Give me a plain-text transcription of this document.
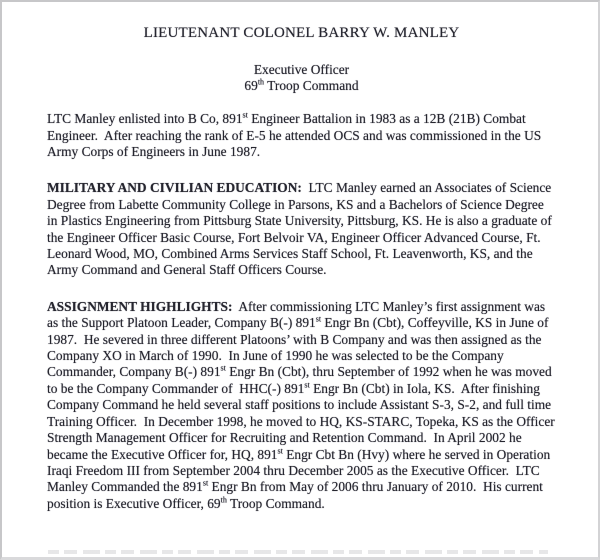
LIEUTENANT COLONEL BARRY W. MANLEY
Executive Officer
69th Troop Command

LTC Manley enlisted into B Co, 891st Engineer Battalion in 1983 as a 12B (21B) Combat Engineer.  After reaching the rank of E-5 he attended OCS and was commissioned in the US Army Corps of Engineers in June 1987.

MILITARY AND CIVILIAN EDUCATION:  LTC Manley earned an Associates of Science Degree from Labette Community College in Parsons, KS and a Bachelors of Science Degree in Plastics Engineering from Pittsburg State University, Pittsburg, KS. He is also a graduate of the Engineer Officer Basic Course, Fort Belvoir VA, Engineer Officer Advanced Course, Ft. Leonard Wood, MO, Combined Arms Services Staff School, Ft. Leavenworth, KS, and the Army Command and General Staff Officers Course.

ASSIGNMENT HIGHLIGHTS:  After commissioning LTC Manley’s first assignment was as the Support Platoon Leader, Company B(-) 891st Engr Bn (Cbt), Coffeyville, KS in June of 1987.  He severed in three different Platoons’ with B Company and was then assigned as the Company XO in March of 1990.  In June of 1990 he was selected to be the Company Commander, Company B(-) 891st Engr Bn (Cbt), thru September of 1992 when he was moved to be the Company Commander of  HHC(-) 891st Engr Bn (Cbt) in Iola, KS.  After finishing Company Command he held several staff positions to include Assistant S-3, S-2, and full time Training Officer.  In December 1998, he moved to HQ, KS-STARC, Topeka, KS as the Officer Strength Management Officer for Recruiting and Retention Command.  In April 2002 he became the Executive Officer for, HQ, 891st Engr Cbt Bn (Hvy) where he served in Operation Iraqi Freedom III from September 2004 thru December 2005 as the Executive Officer.  LTC Manley Commanded the 891st Engr Bn from May of 2006 thru January of 2010.  His current position is Executive Officer, 69th Troop Command.
